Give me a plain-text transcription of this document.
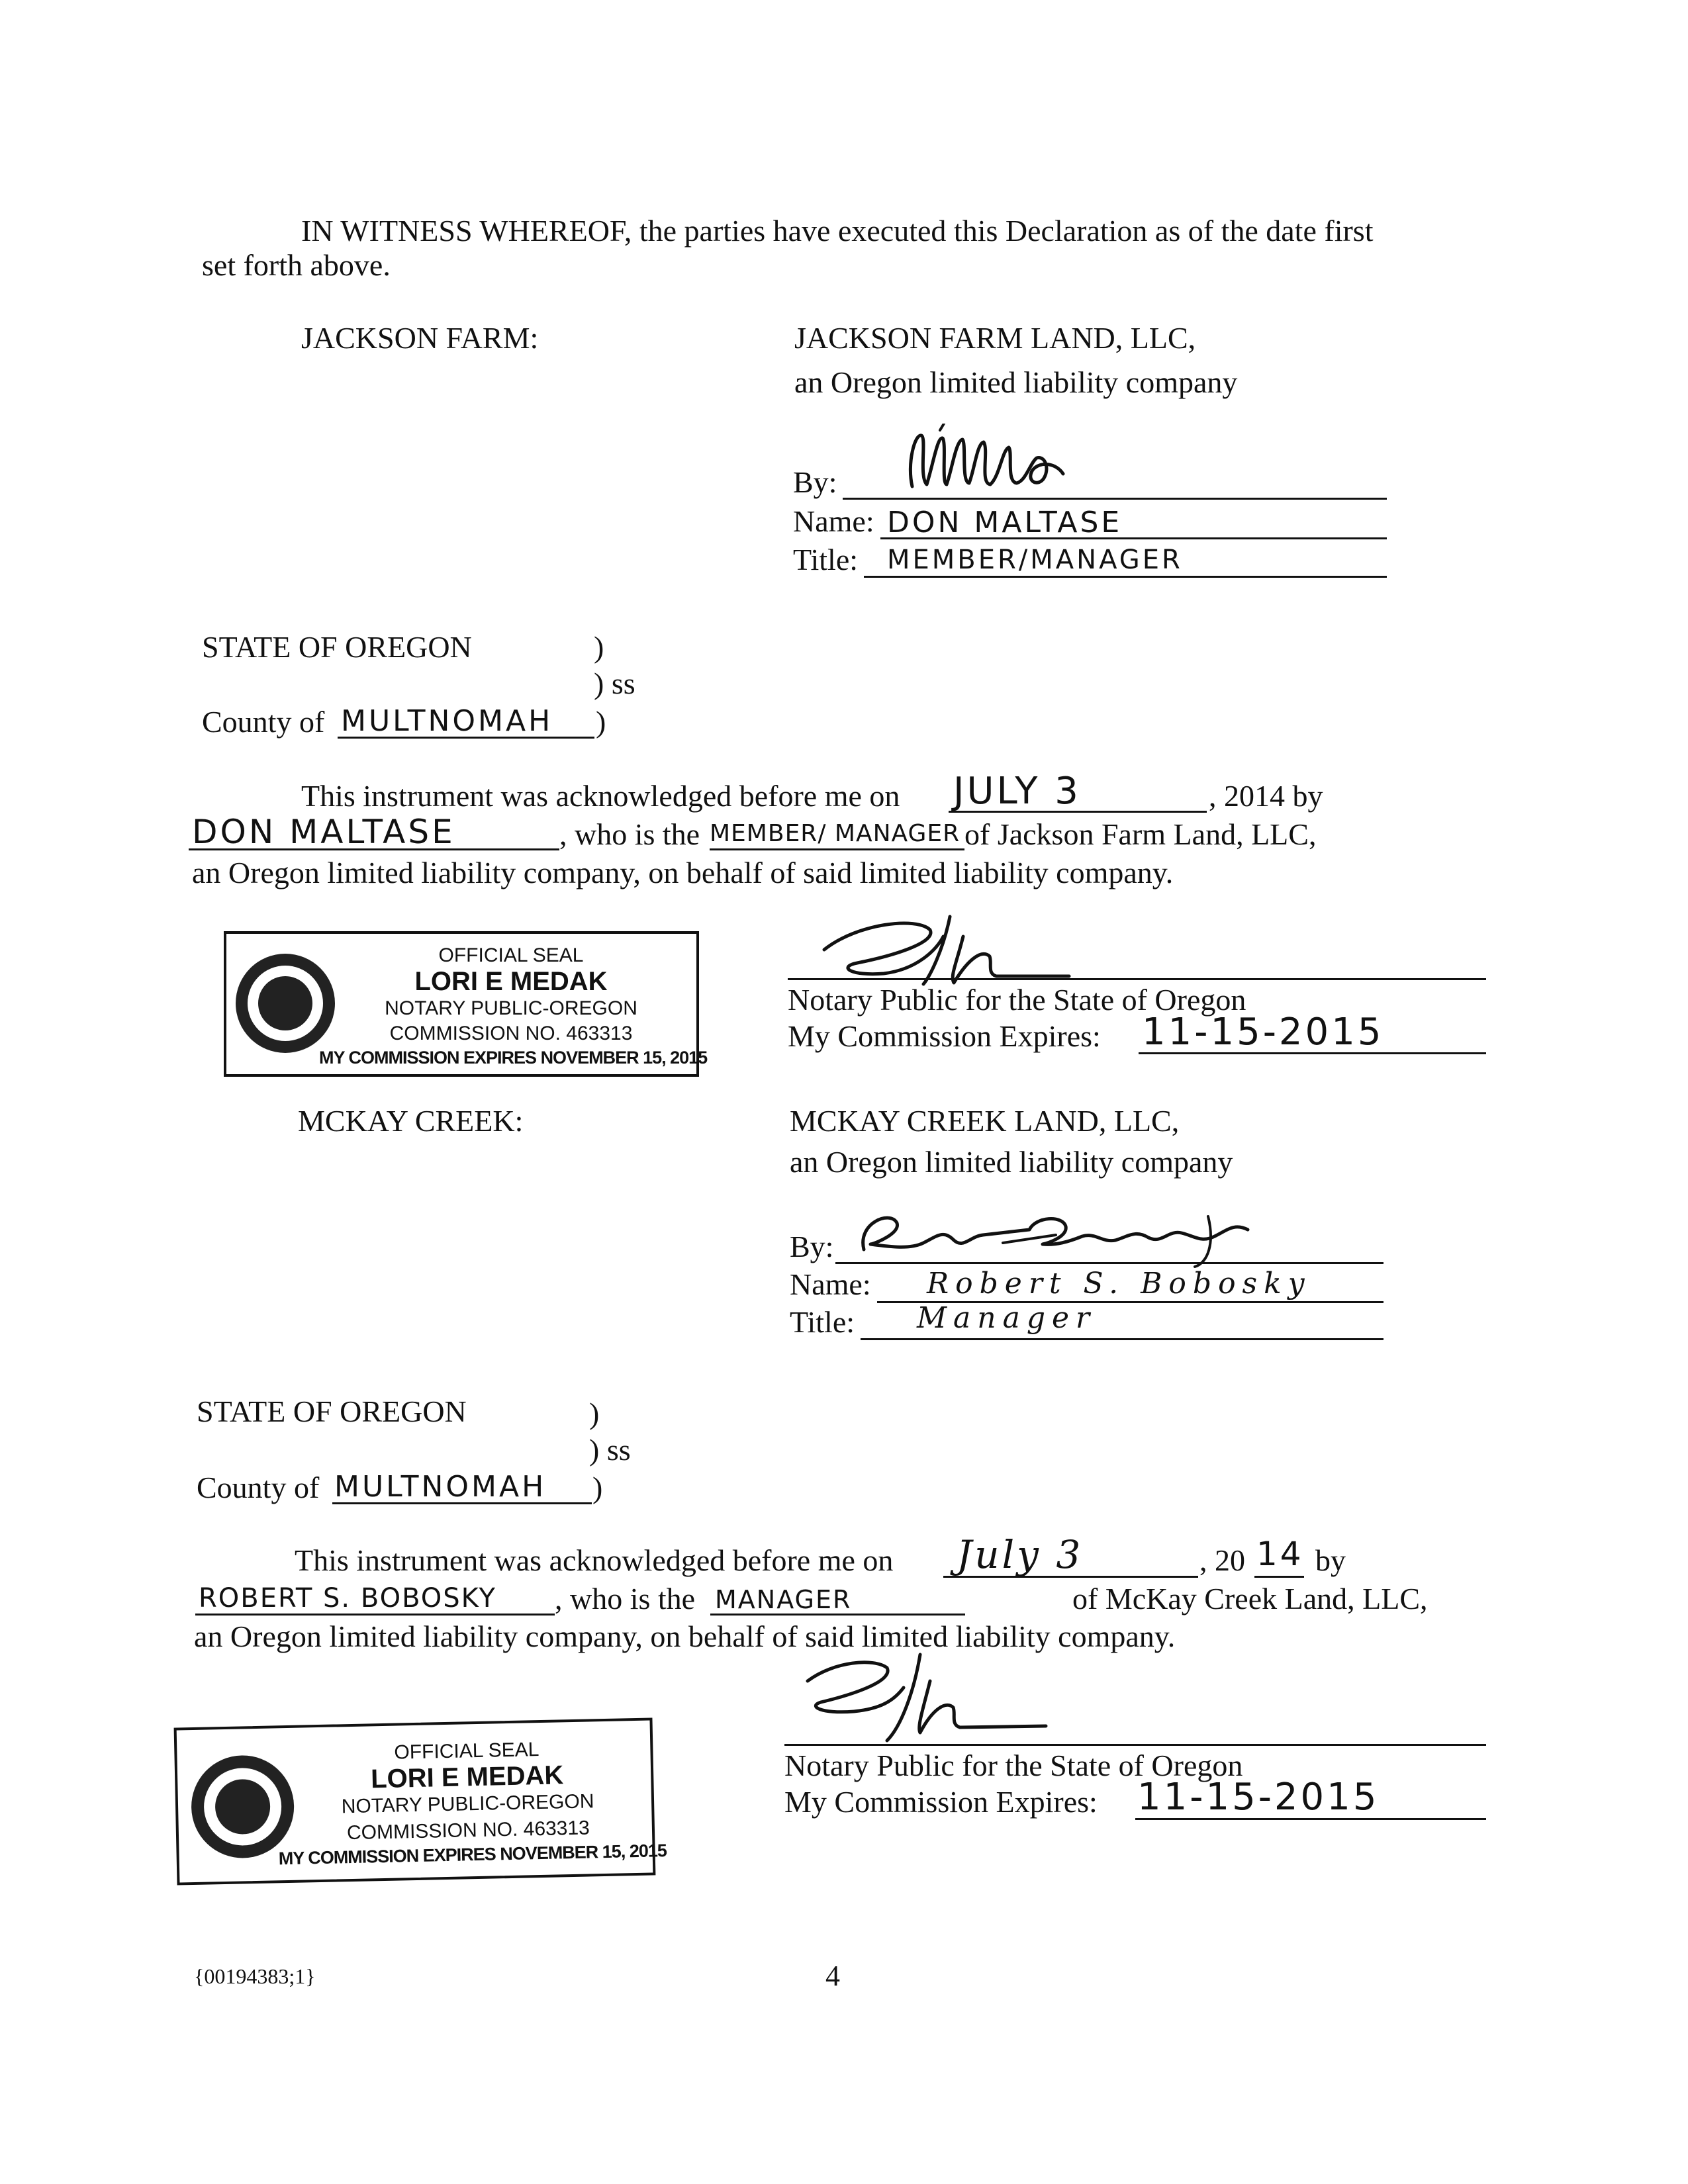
IN WITNESS WHEREOF, the parties have executed this Declaration as of the date first
set forth above.
JACKSON FARM:	JACKSON FARM LAND, LLC,
an Oregon limited liability company
By:
Name: DON MALTASE
Title: MEMBER/MANAGER
STATE OF OREGON	)
) ss
County of MULTNOMAH )
This instrument was acknowledged before me on JULY 3	, 2014 by
DON MALTASE	, who is the MEMBER/ MANAGER of Jackson Farm Land, LLC,
an Oregon limited liability company, on behalf of said limited liability company.
Notary Public for the State of Oregon
My Commission Expires: 11-15-2015
OFFICIAL SEAL
LORI E MEDAK
NOTARY PUBLIC-OREGON
COMMISSION NO. 463313
MY COMMISSION EXPIRES NOVEMBER 15, 2015
MCKAY CREEK:	MCKAY CREEK LAND, LLC,
an Oregon limited liability company
By:
Name: Robert S. Bobosky
Title: Manager
STATE OF OREGON	)
) ss
County of MULTNOMAH )
This instrument was acknowledged before me on July 3	, 20 14 by
ROBERT S. BOBOSKY , who is the MANAGER	of McKay Creek Land, LLC,
an Oregon limited liability company, on behalf of said limited liability company.
Notary Public for the State of Oregon
My Commission Expires: 11-15-2015
OFFICIAL SEAL
LORI E MEDAK
NOTARY PUBLIC-OREGON
COMMISSION NO. 463313
MY COMMISSION EXPIRES NOVEMBER 15, 2015
{00194383;1}	4
